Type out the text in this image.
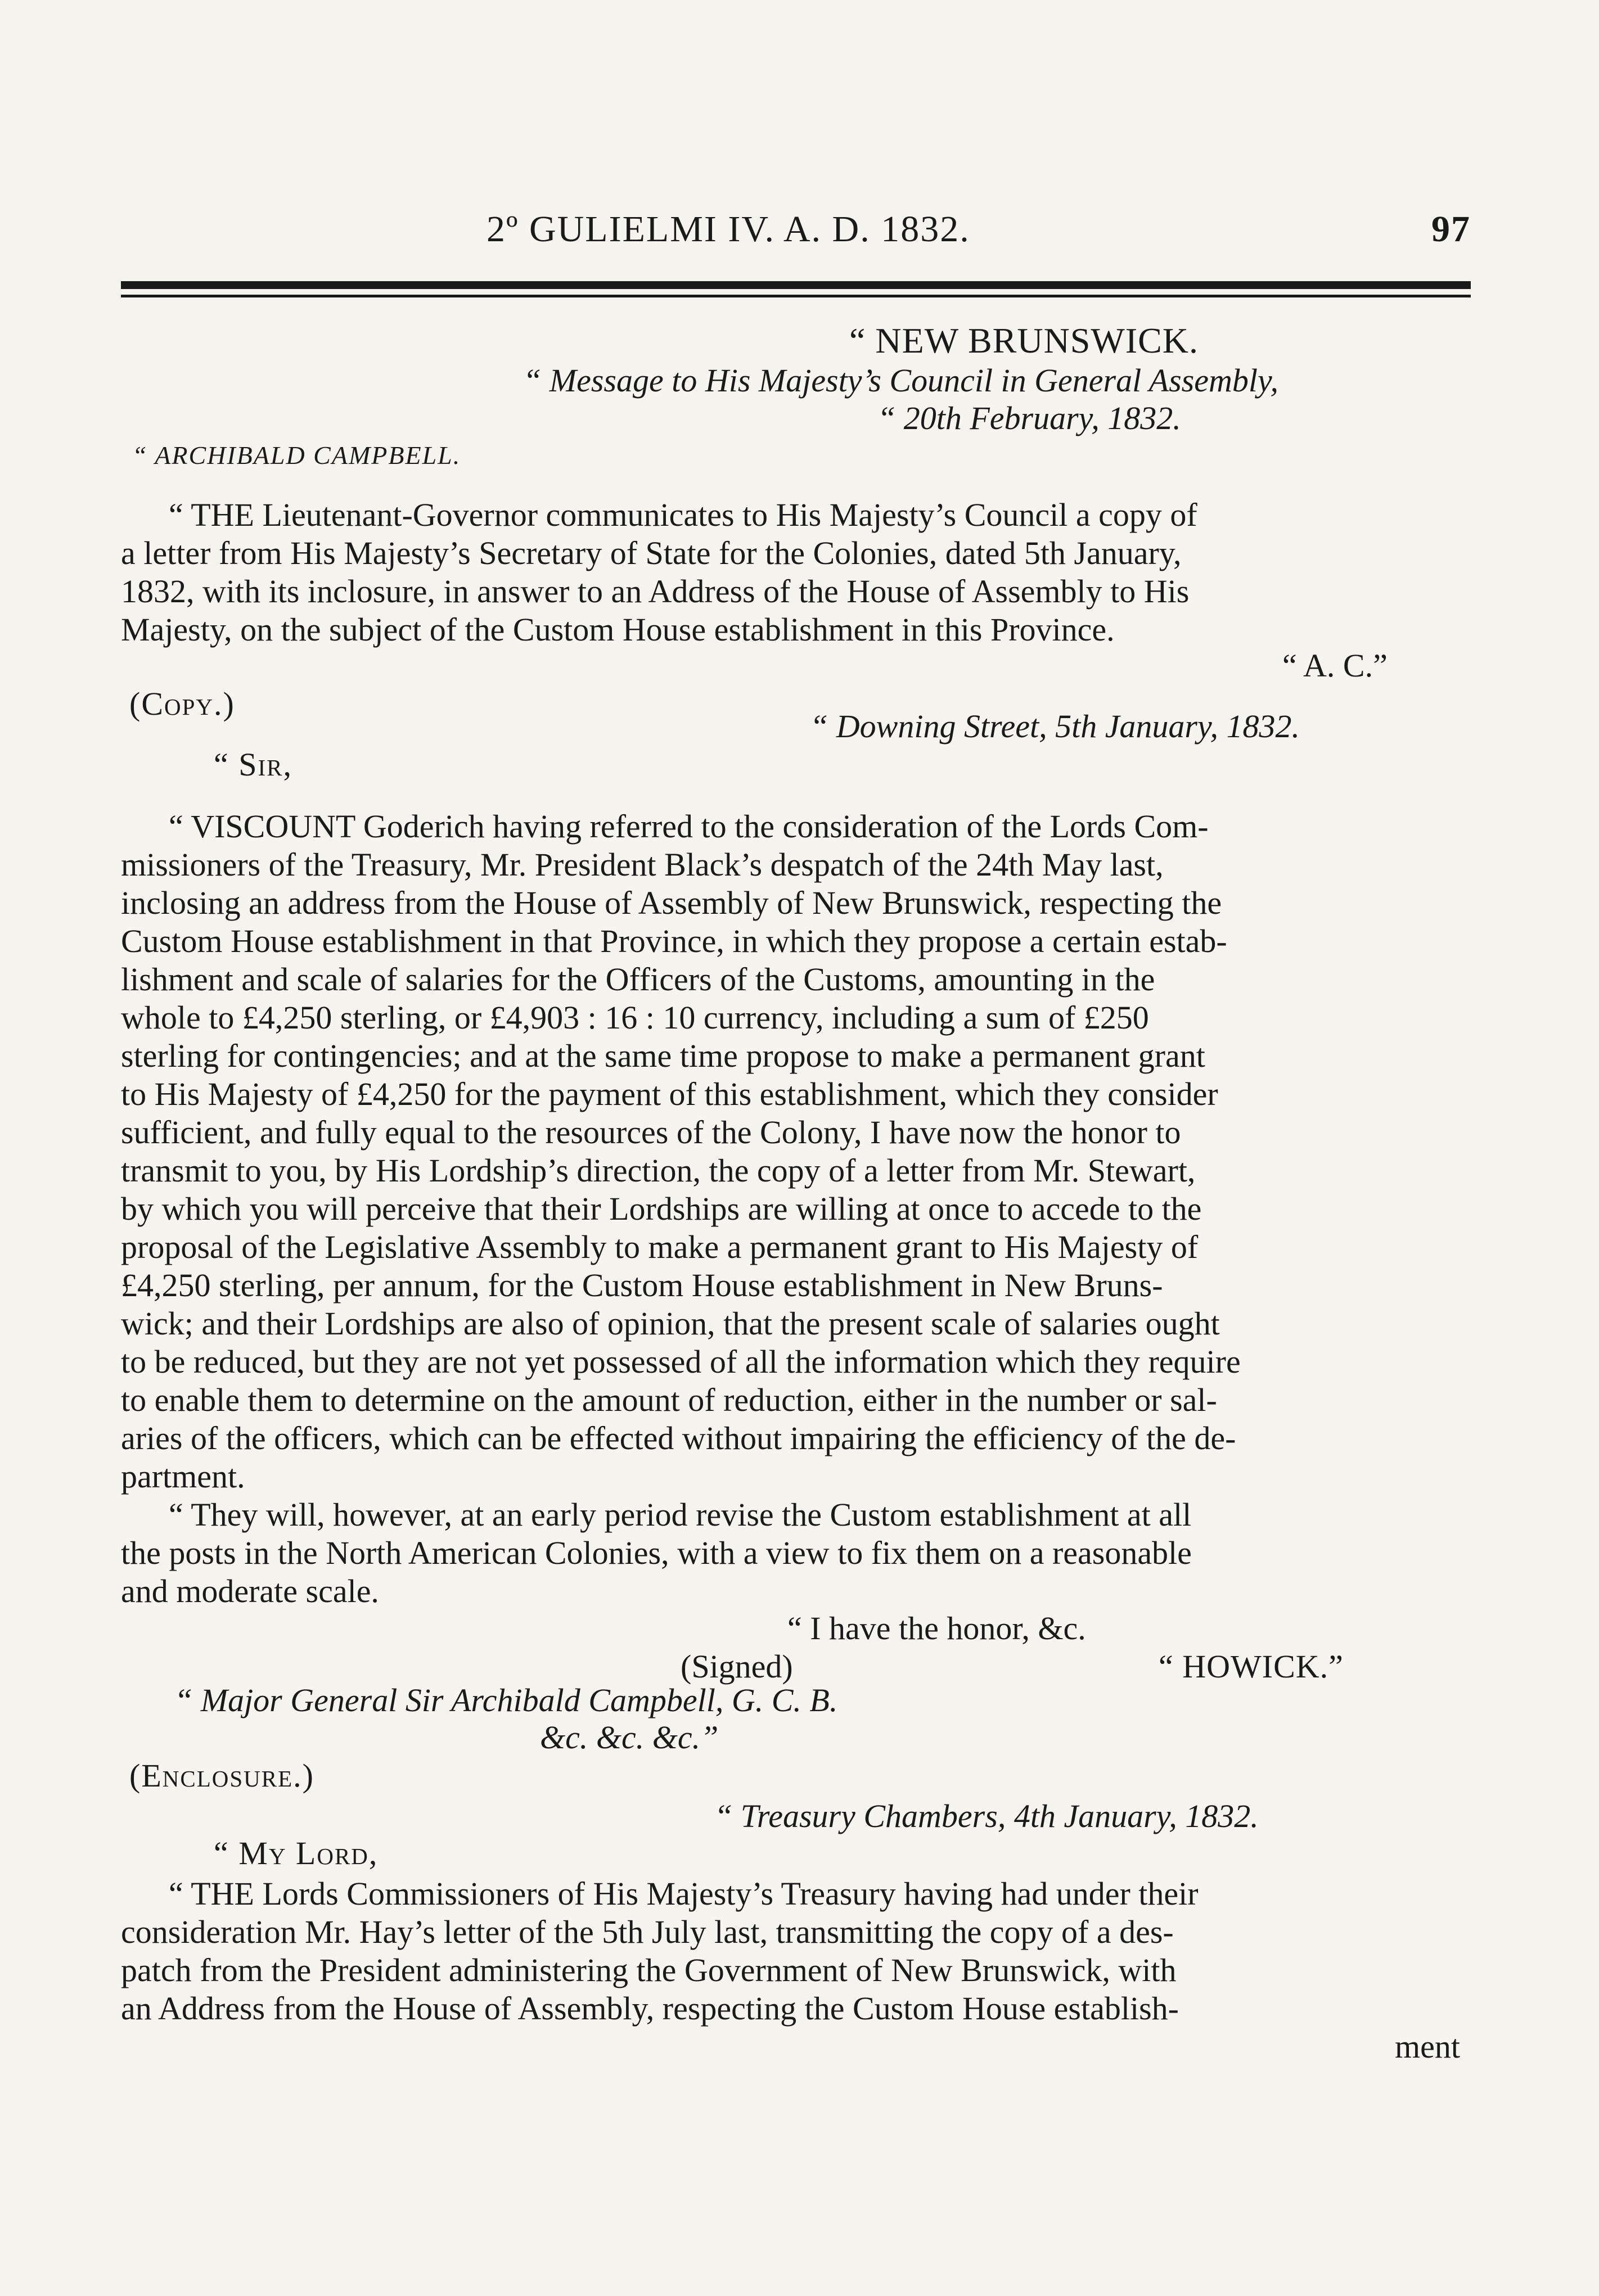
2º GULIELMI IV. A. D. 1832.	97
“ NEW BRUNSWICK.
“ Message to His Majesty’s Council in General Assembly,
“ 20th February, 1832.
“ ARCHIBALD CAMPBELL.
“ THE Lieutenant-Governor communicates to His Majesty’s Council a copy of
a letter from His Majesty’s Secretary of State for the Colonies, dated 5th January,
1832, with its inclosure, in answer to an Address of the House of Assembly to His
Majesty, on the subject of the Custom House establishment in this Province.
“ A. C.”
(Copy.)
“ Downing Street, 5th January, 1832.
“ Sir,
“ VISCOUNT Goderich having referred to the consideration of the Lords Com-
missioners of the Treasury, Mr. President Black’s despatch of the 24th May last,
inclosing an address from the House of Assembly of New Brunswick, respecting the
Custom House establishment in that Province, in which they propose a certain estab-
lishment and scale of salaries for the Officers of the Customs, amounting in the
whole to £4,250 sterling, or £4,903 : 16 : 10 currency, including a sum of £250
sterling for contingencies; and at the same time propose to make a permanent grant
to His Majesty of £4,250 for the payment of this establishment, which they consider
sufficient, and fully equal to the resources of the Colony, I have now the honor to
transmit to you, by His Lordship’s direction, the copy of a letter from Mr. Stewart,
by which you will perceive that their Lordships are willing at once to accede to the
proposal of the Legislative Assembly to make a permanent grant to His Majesty of
£4,250 sterling, per annum, for the Custom House establishment in New Bruns-
wick; and their Lordships are also of opinion, that the present scale of salaries ought
to be reduced, but they are not yet possessed of all the information which they require
to enable them to determine on the amount of reduction, either in the number or sal-
aries of the officers, which can be effected without impairing the efficiency of the de-
partment.
“ They will, however, at an early period revise the Custom establishment at all
the posts in the North American Colonies, with a view to fix them on a reasonable
and moderate scale.
“ I have the honor, &c.
(Signed)	“ HOWICK.”
“ Major General Sir Archibald Campbell, G. C. B.
&c. &c. &c.”
(Enclosure.)
“ Treasury Chambers, 4th January, 1832.
“ My Lord,
“ THE Lords Commissioners of His Majesty’s Treasury having had under their
consideration Mr. Hay’s letter of the 5th July last, transmitting the copy of a des-
patch from the President administering the Government of New Brunswick, with
an Address from the House of Assembly, respecting the Custom House establish-
ment
